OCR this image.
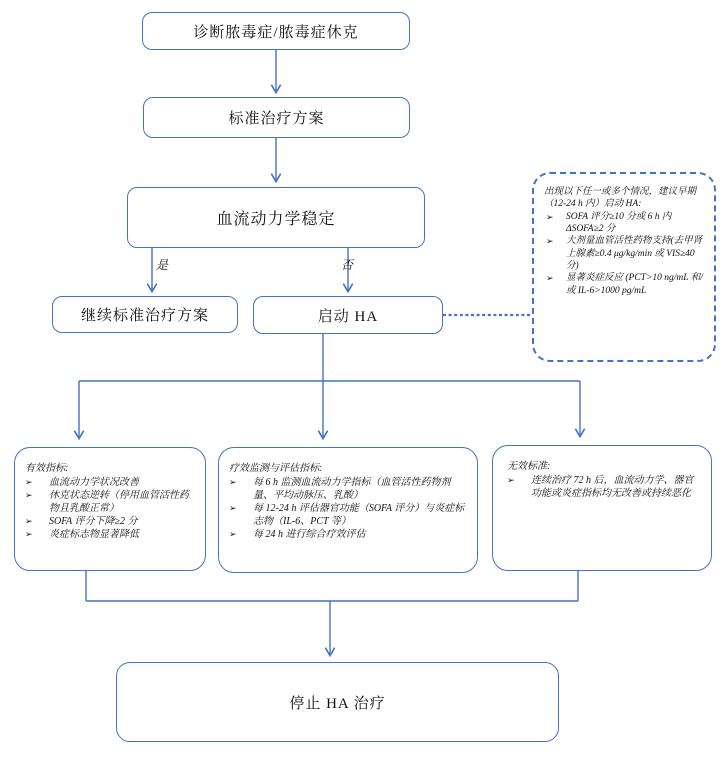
诊断脓毒症/脓毒症休克
标准治疗方案
血流动力学稳定
是	否
继续标准治疗方案	启动 HA
出现以下任一或多个情况，建议早期（12-24 h 内）启动 HA:
➢	SOFA 评分≥10 分或 6 h 内ΔSOFA≥2 分
➢	大剂量血管活性药物支持(去甲肾上腺素≥0.4 μg/kg/min 或 VIS≥40 分)
➢	显著炎症反应 (PCT>10 ng/mL 和/或 IL-6>1000 pg/mL
有效指标:
➢	血流动力学状况改善
➢	休克状态逆转（停用血管活性药物且乳酸正常）
➢	SOFA 评分下降≥2 分
➢	炎症标志物显著降低
疗效监测与评估指标:
➢	每 6 h 监测血流动力学指标（血管活性药物剂量、平均动脉压、乳酸）
➢	每 12-24 h 评估器官功能（SOFA 评分）与炎症标志物（IL-6、PCT 等）
➢	每 24 h 进行综合疗效评估
无效标准:
➢	连续治疗 72 h 后，血流动力学、器官功能或炎症指标均无改善或持续恶化
停止 HA 治疗
